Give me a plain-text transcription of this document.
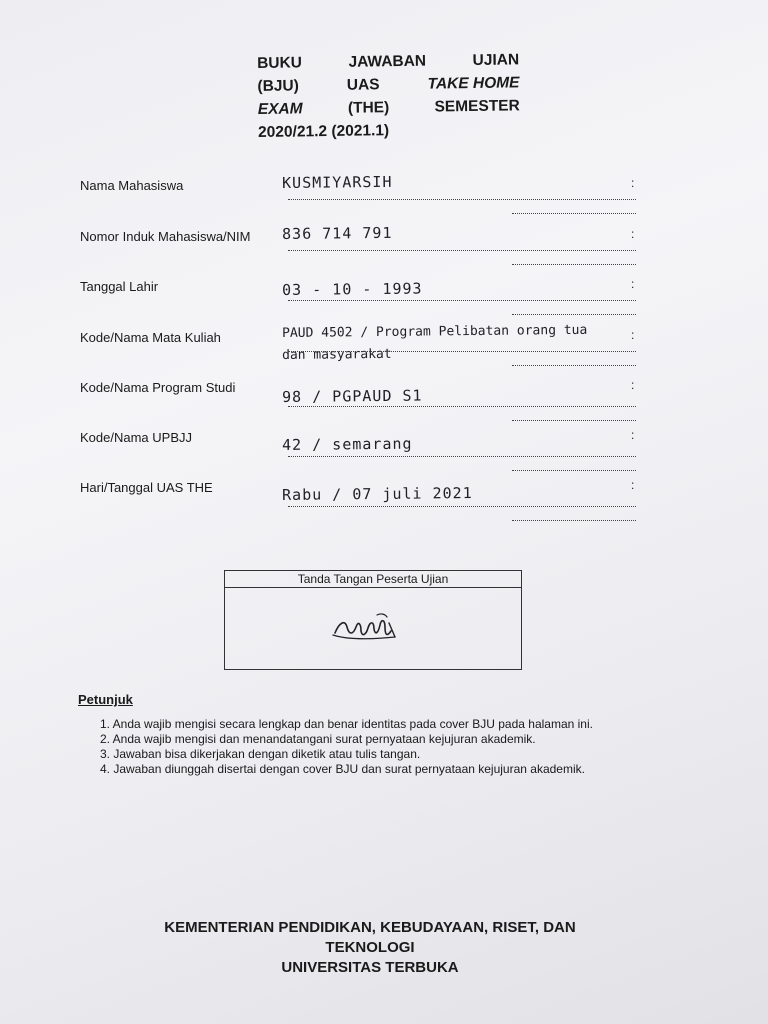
BUKU	JAWABAN	UJIAN
(BJU)	UAS	TAKE HOME
EXAM	(THE)	SEMESTER
2020/21.2 (2021.1)
Nama Mahasiswa	:
KUSMIYARSIH
Nomor Induk Mahasiswa/NIM	:
836 714 791
Tanggal Lahir	:
03 - 10 - 1993
Kode/Nama Mata Kuliah	:
PAUD 4502 / Program Pelibatan orang tua
dan masyarakat
Kode/Nama Program Studi	:
98 / PGPAUD S1
Kode/Nama UPBJJ	:
42 / semarang
Hari/Tanggal UAS THE	:
Rabu / 07 juli 2021
Tanda Tangan Peserta Ujian
Petunjuk
1. Anda wajib mengisi secara lengkap dan benar identitas pada cover BJU pada halaman ini.
2. Anda wajib mengisi dan menandatangani surat pernyataan kejujuran akademik.
3. Jawaban bisa dikerjakan dengan diketik atau tulis tangan.
4. Jawaban diunggah disertai dengan cover BJU dan surat pernyataan kejujuran akademik.
KEMENTERIAN PENDIDIKAN, KEBUDAYAAN, RISET, DAN
TEKNOLOGI
UNIVERSITAS TERBUKA
